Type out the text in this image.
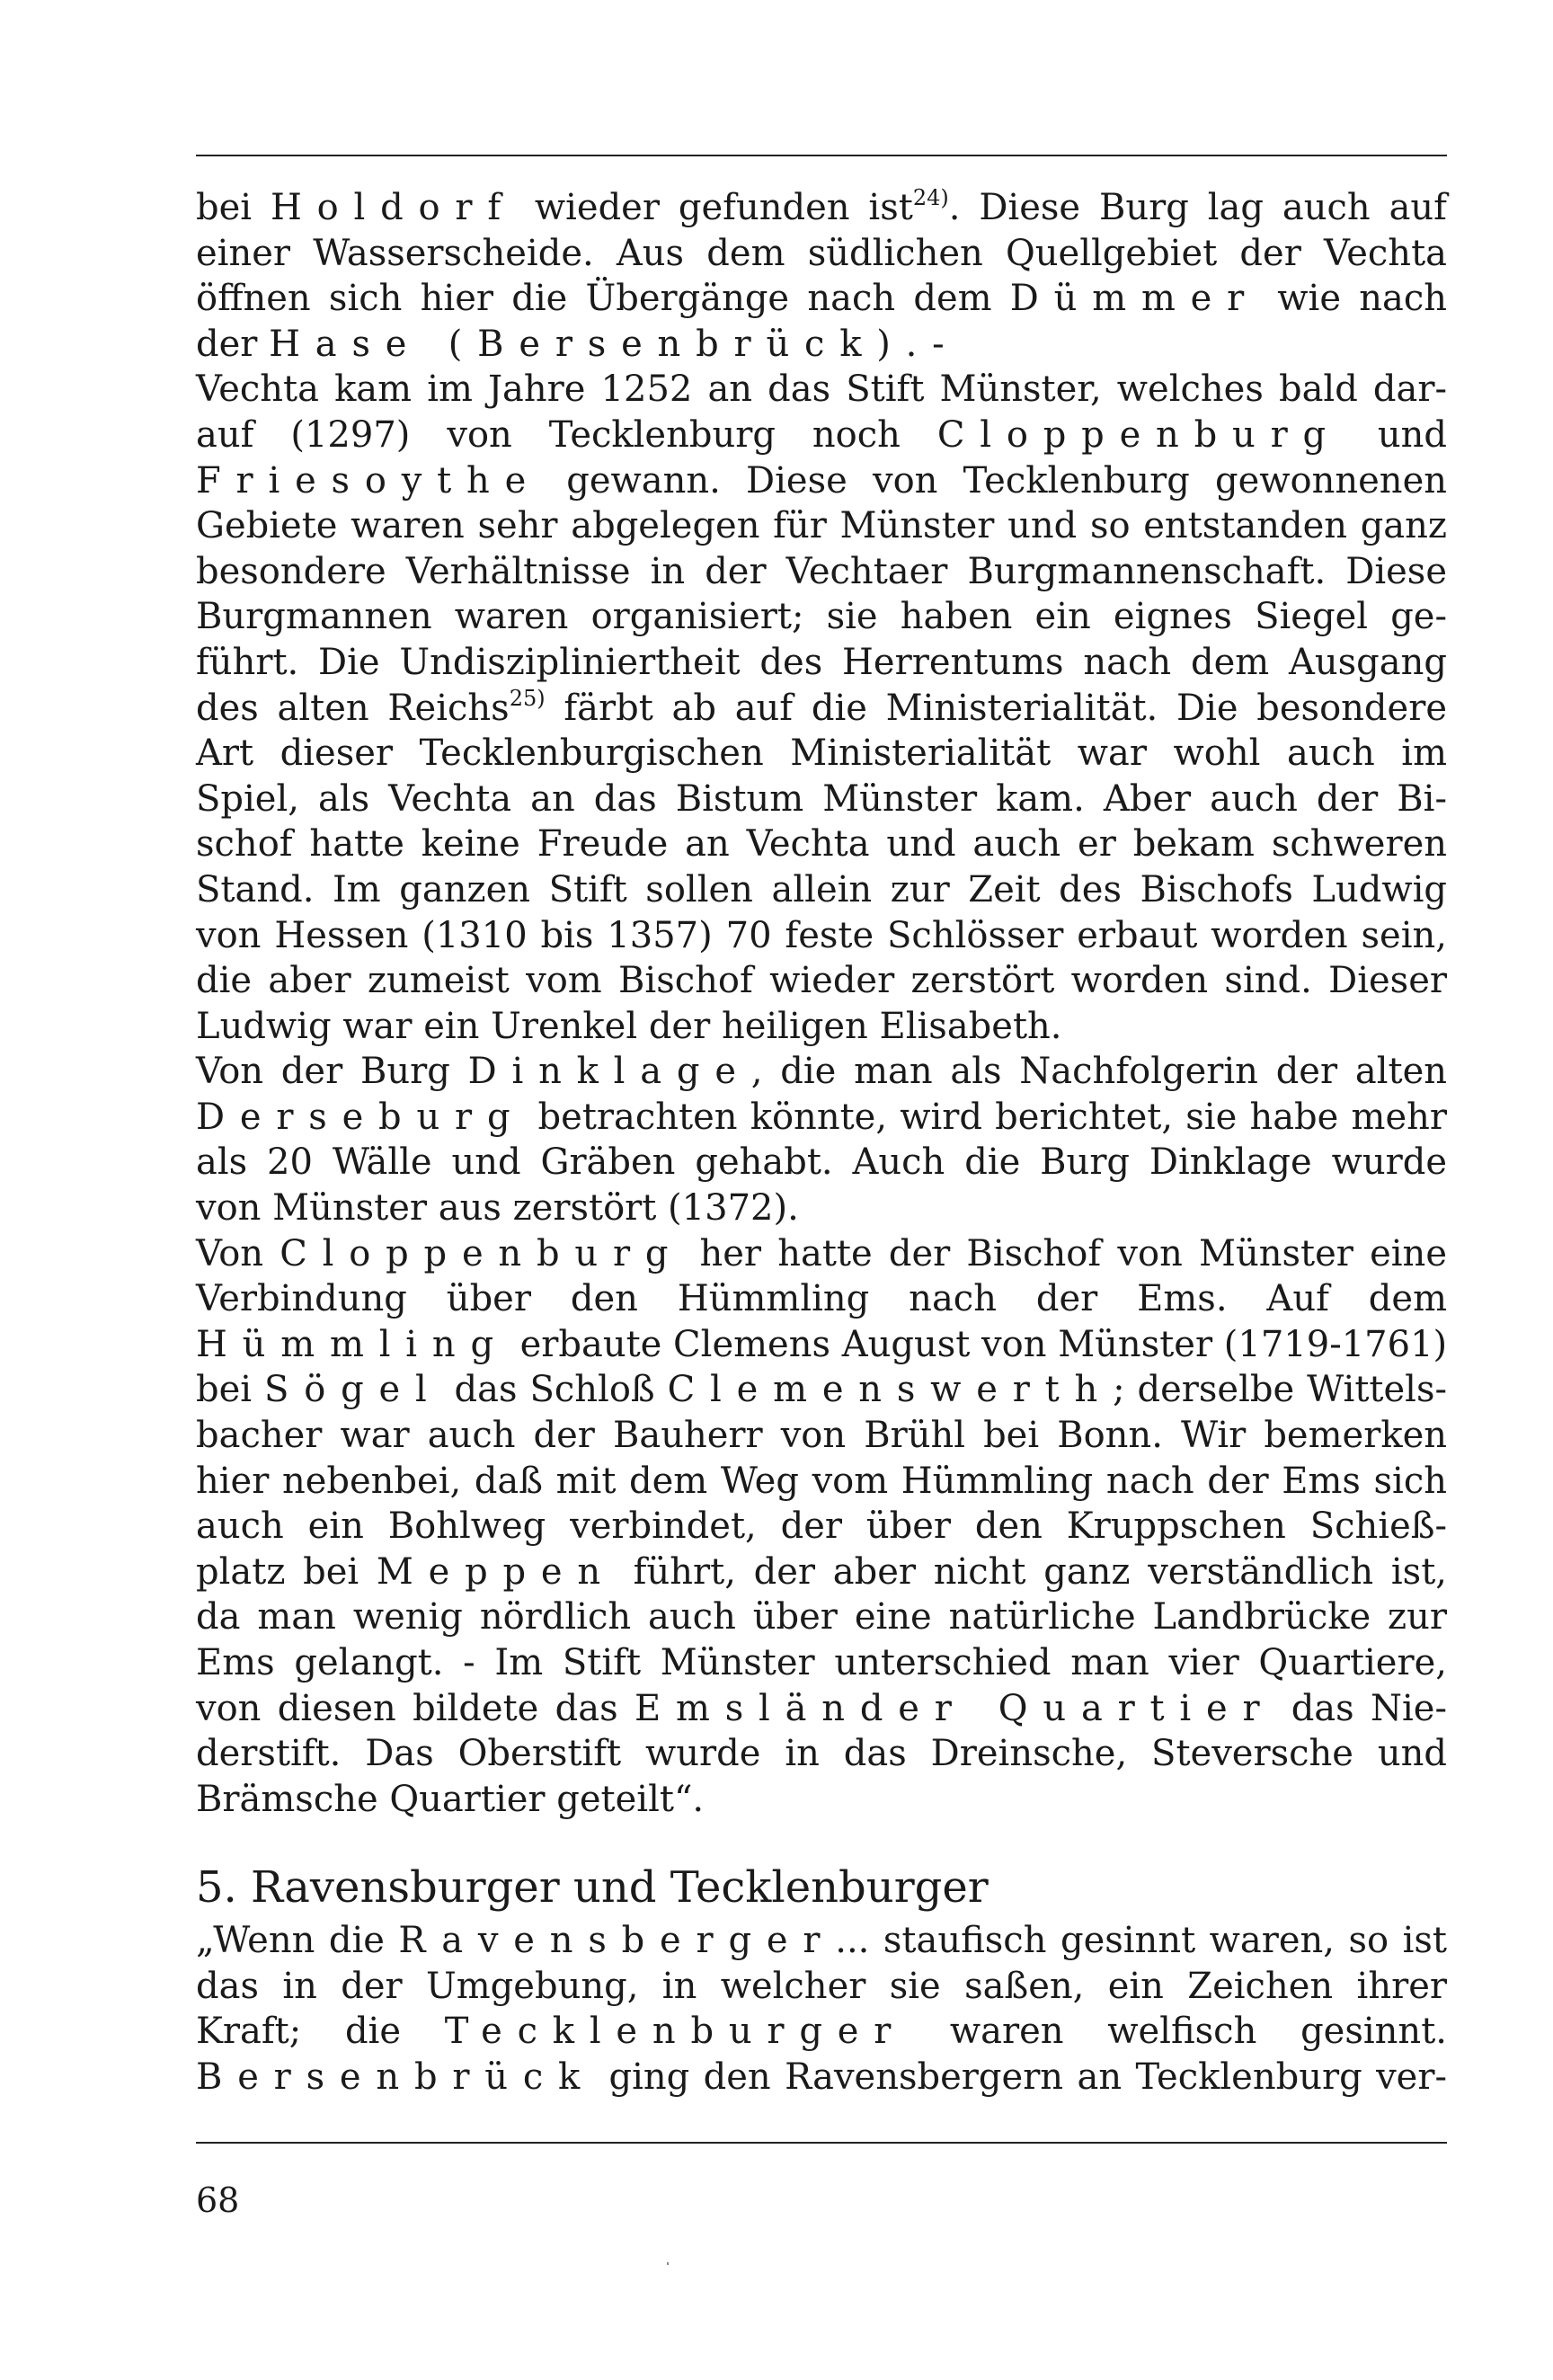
bei Holdorf wieder gefunden ist$^{24)}$. Diese Burg lag auch auf
einer Wasserscheide. Aus dem südlichen Quellgebiet der Vechta
öffnen sich hier die Übergänge nach dem Dümmer wie nach
der Hase (Bersenbrück).-
Vechta kam im Jahre 1252 an das Stift Münster, welches bald dar-
auf (1297) von Tecklenburg noch Cloppenburg und
Friesoythe gewann. Diese von Tecklenburg gewonnenen
Gebiete waren sehr abgelegen für Münster und so entstanden ganz
besondere Verhältnisse in der Vechtaer Burgmannenschaft. Diese
Burgmannen waren organisiert; sie haben ein eignes Siegel ge-
führt. Die Undiszipliniertheit des Herrentums nach dem Ausgang
des alten Reichs$^{25)}$ färbt ab auf die Ministerialität. Die besondere
Art dieser Tecklenburgischen Ministerialität war wohl auch im
Spiel, als Vechta an das Bistum Münster kam. Aber auch der Bi-
schof hatte keine Freude an Vechta und auch er bekam schweren
Stand. Im ganzen Stift sollen allein zur Zeit des Bischofs Ludwig
von Hessen (1310 bis 1357) 70 feste Schlösser erbaut worden sein,
die aber zumeist vom Bischof wieder zerstört worden sind. Dieser
Ludwig war ein Urenkel der heiligen Elisabeth.
Von der Burg Dinklage, die man als Nachfolgerin der alten
Derseburg betrachten könnte, wird berichtet, sie habe mehr
als 20 Wälle und Gräben gehabt. Auch die Burg Dinklage wurde
von Münster aus zerstört (1372).
Von Cloppenburg her hatte der Bischof von Münster eine
Verbindung über den Hümmling nach der Ems. Auf dem
Hümmling erbaute Clemens August von Münster (1719-1761)
bei Sögel das Schloß Clemenswerth; derselbe Wittels-
bacher war auch der Bauherr von Brühl bei Bonn. Wir bemerken
hier nebenbei, daß mit dem Weg vom Hümmling nach der Ems sich
auch ein Bohlweg verbindet, der über den Kruppschen Schieß-
platz bei Meppen führt, der aber nicht ganz verständlich ist,
da man wenig nördlich auch über eine natürliche Landbrücke zur
Ems gelangt. - Im Stift Münster unterschied man vier Quartiere,
von diesen bildete das Emsländer Quartier das Nie-
derstift. Das Oberstift wurde in das Dreinsche, Steversche und
Brämsche Quartier geteilt“.
5. Ravensburger und Tecklenburger
„Wenn die Ravensberger... staufisch gesinnt waren, so ist
das in der Umgebung, in welcher sie saßen, ein Zeichen ihrer
Kraft; die Tecklenburger waren welfisch gesinnt.
Bersenbrück ging den Ravensbergern an Tecklenburg ver-
68
